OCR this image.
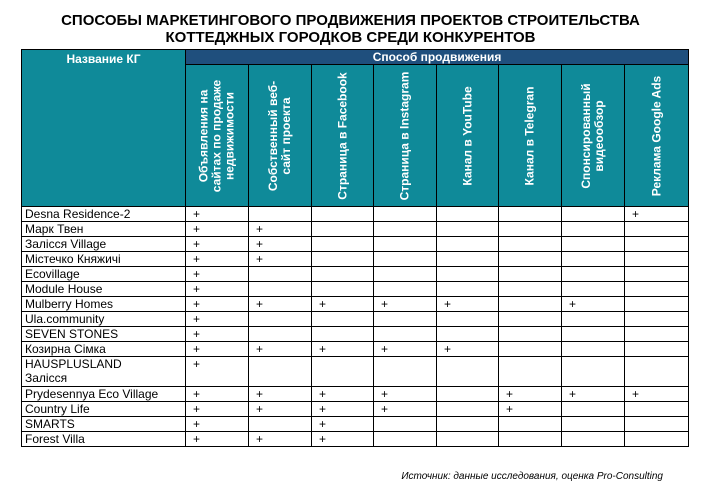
СПОСОБЫ МАРКЕТИНГОВОГО ПРОДВИЖЕНИЯ ПРОЕКТОВ СТРОИТЕЛЬСТВА
КОТТЕДЖНЫХ ГОРОДКОВ СРЕДИ КОНКУРЕНТОВ
Название КГ	Способ продвижения							

	Объявления на сайтах по продаже недвижимости	Собственный веб-сайт проекта	Страница в Facebook	Страница в Instagram	Канал в YouTube	Канал в Telegran	Спонсированный видеообзор	Реклама Google Ads

Desna Residence-2	+							+
Марк Твен	+	+						
Залісся Village	+	+						
Містечко Княжичі	+	+						
Ecovillage	+							
Module House	+							
Mulberry Homes	+	+	+	+	+		+	
Ula.community	+							
SEVEN STONES	+							
Козирна Сімка	+	+	+	+	+			

HAUSPLUSLAND
Залісся	+							
Prydesennya Eco Village	+	+	+	+		+	+	+
Country Life	+	+	+	+		+		
SMARTS	+		+					
Forest Villa	+	+	+					
Источник: данные исследования, оценка Pro-Consulting
